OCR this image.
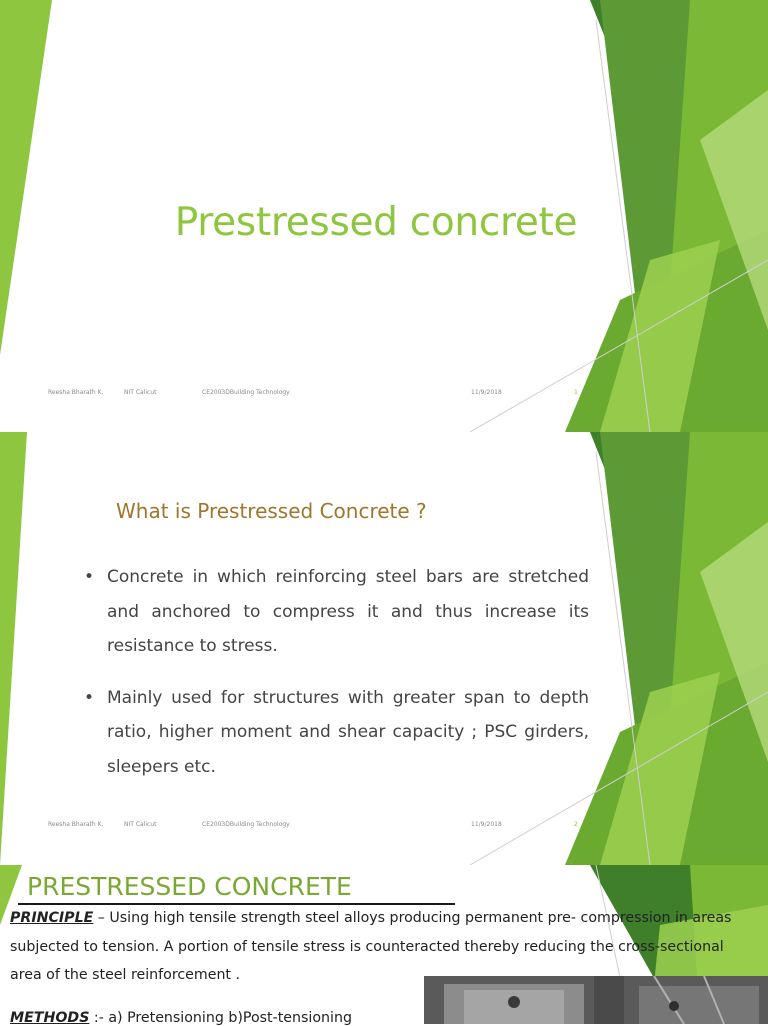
Prestressed concrete
Reesha Bharath K.	NIT Calicut	CE2003DBuilding Technology	11/9/2018	1
What is Prestressed Concrete ?
• Concrete in which reinforcing steel bars are stretched and anchored to compress it and thus increase its resistance to stress.
• Mainly used for structures with greater span to depth ratio, higher moment and shear capacity ; PSC girders, sleepers etc.
Reesha Bharath K.	NIT Calicut	CE2003DBuilding Technology	11/9/2018	2
PRESTRESSED CONCRETE
PRINCIPLE – Using high tensile strength steel alloys producing permanent pre- compression in areas subjected to tension. A portion of tensile stress is counteracted thereby reducing the cross-sectional area of the steel reinforcement .
METHODS :- a) Pretensioning b)Post-tensioning
